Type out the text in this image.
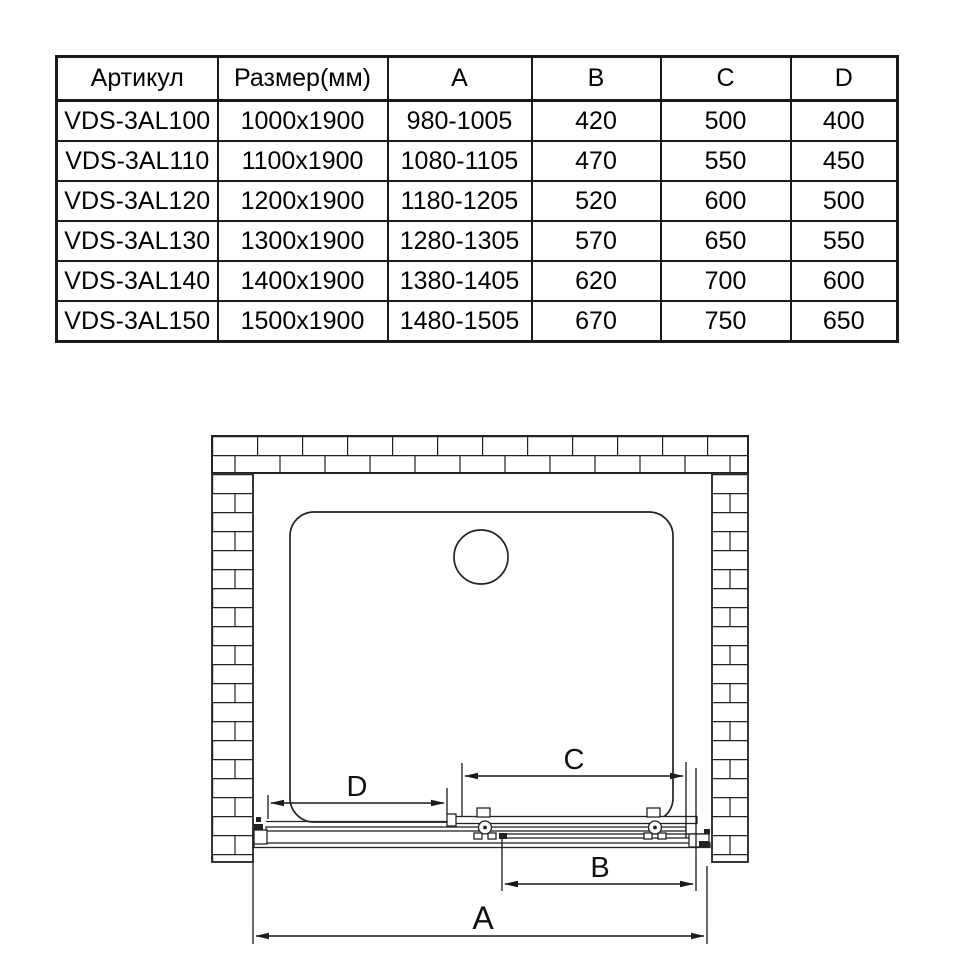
Артикул	Размер(мм)	A	B	C	D
VDS-3AL100	1000x1900	980-1005	420	500	400
VDS-3AL110	1100x1900	1080-1105	470	550	450
VDS-3AL120	1200x1900	1180-1205	520	600	500
VDS-3AL130	1300x1900	1280-1305	570	650	550
VDS-3AL140	1400x1900	1380-1405	620	700	600
VDS-3AL150	1500x1900	1480-1505	670	750	650
D
C
B
A
